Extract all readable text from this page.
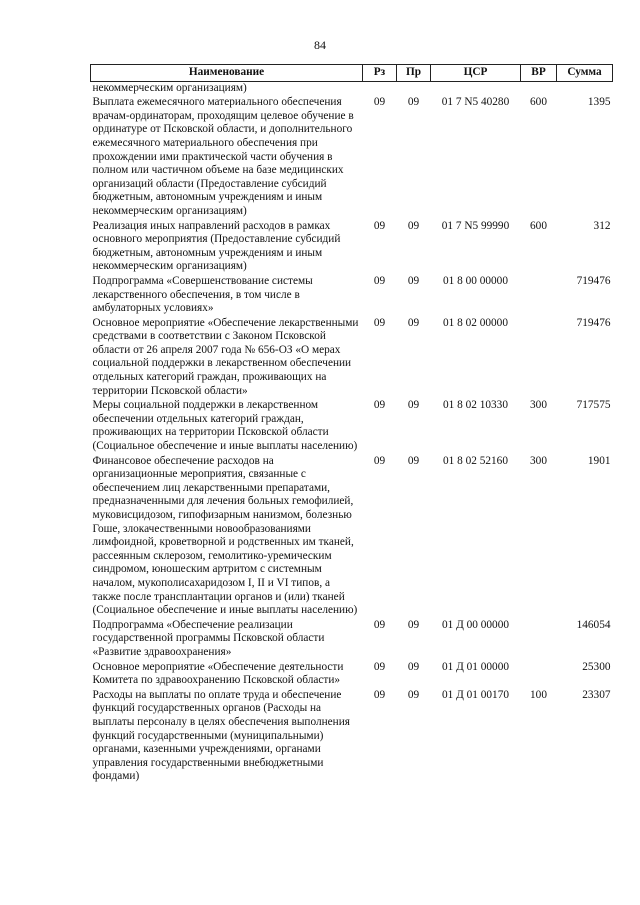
84
Наименование	Рз	Пр	ЦСР	ВР	Сумма
некоммерческим организациям)					
Выплата ежемесячного материального обеспечения врачам-ординаторам, проходящим целевое обучение в ординатуре от Псковской области, и дополнительного ежемесячного материального обеспечения при прохождении ими практической части обучения в полном или частичном объеме на базе медицинских организаций области (Предоставление субсидий бюджетным, автономным учреждениям и иным некоммерческим организациям)	09	09	01 7 N5 40280	600	1395
Реализация иных направлений расходов в рамках основного мероприятия (Предоставление субсидий бюджетным, автономным учреждениям и иным некоммерческим организациям)	09	09	01 7 N5 99990	600	312
Подпрограмма «Совершенствование системы лекарственного обеспечения, в том числе в амбулаторных условиях»	09	09	01 8 00 00000		719476
Основное мероприятие «Обеспечение лекарственными средствами в соответствии с Законом Псковской области от 26 апреля 2007 года № 656-ОЗ «О мерах социальной поддержки в лекарственном обеспечении отдельных категорий граждан, проживающих на территории Псковской области»	09	09	01 8 02 00000		719476
Меры социальной поддержки в лекарственном обеспечении отдельных категорий граждан, проживающих на территории Псковской области (Социальное обеспечение и иные выплаты населению)	09	09	01 8 02 10330	300	717575
Финансовое обеспечение расходов на организационные мероприятия, связанные с обеспечением лиц лекарственными препаратами, предназначенными для лечения больных гемофилией, муковисцидозом, гипофизарным нанизмом, болезнью Гоше, злокачественными новообразованиями лимфоидной, кроветворной и родственных им тканей, рассеянным склерозом, гемолитико-уремическим синдромом, юношеским артритом с системным началом, мукополисахаридозом I, II и VI типов, а также после трансплантации органов и (или) тканей (Социальное обеспечение и иные выплаты населению)	09	09	01 8 02 52160	300	1901
Подпрограмма «Обеспечение реализации государственной программы Псковской области «Развитие здравоохранения»	09	09	01 Д 00 00000		146054
Основное мероприятие «Обеспечение деятельности Комитета по здравоохранению Псковской области»	09	09	01 Д 01 00000		25300
Расходы на выплаты по оплате труда и обеспечение функций государственных органов (Расходы на выплаты персоналу в целях обеспечения выполнения функций государственными (муниципальными) органами, казенными учреждениями, органами управления государственными внебюджетными фондами)	09	09	01 Д 01 00170	100	23307
